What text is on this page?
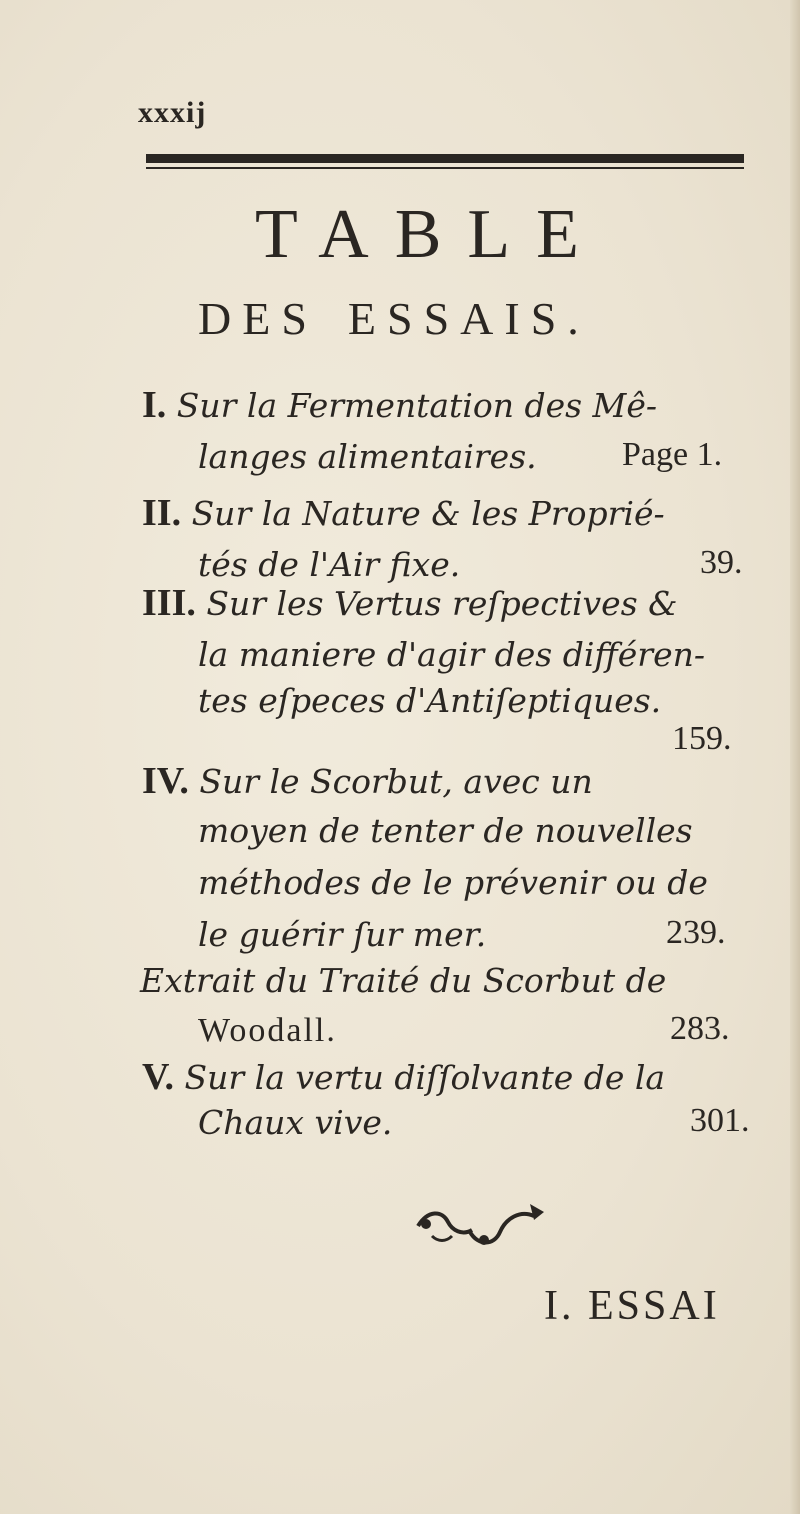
xxxij
TABLE
DES ESSAIS.
I. Sur la Fermentation des Mê-
langes alimentaires.	Page 1.
II. Sur la Nature & les Proprié-
tés de l'Air fixe.	39.
III. Sur les Vertus reſpectives &
la maniere d'agir des différen-
tes eſpeces d'Antiſeptiques.
159.
IV. Sur le Scorbut, avec un
moyen de tenter de nouvelles
méthodes de le prévenir ou de
le guérir ſur mer.	239.
Extrait du Traité du Scorbut de
Woodall.	283.
V. Sur la vertu diſſolvante de la
Chaux vive.	301.
I. ESSAI
